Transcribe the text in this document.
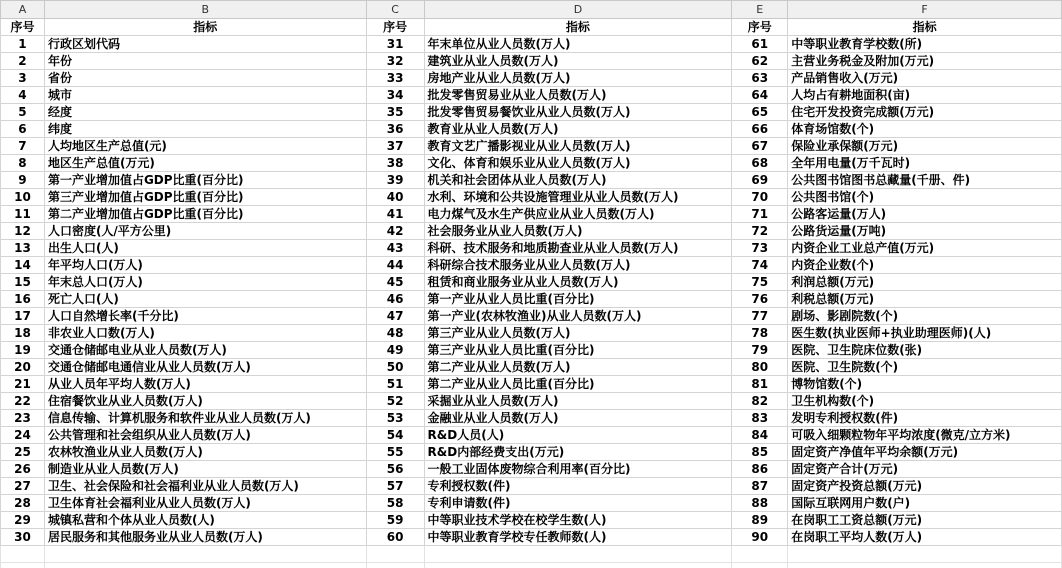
A	B	C	D	E	F
序号	指标	序号	指标	序号	指标
1	行政区划代码	31	年末单位从业人员数(万人)	61	中等职业教育学校数(所)
2	年份	32	建筑业从业人员数(万人)	62	主营业务税金及附加(万元)
3	省份	33	房地产业从业人员数(万人)	63	产品销售收入(万元)
4	城市	34	批发零售贸易业从业人员数(万人)	64	人均占有耕地面积(亩)
5	经度	35	批发零售贸易餐饮业从业人员数(万人)	65	住宅开发投资完成额(万元)
6	纬度	36	教育业从业人员数(万人)	66	体育场馆数(个)
7	人均地区生产总值(元)	37	教育文艺广播影视业从业人员数(万人)	67	保险业承保额(万元)
8	地区生产总值(万元)	38	文化、体育和娱乐业从业人员数(万人)	68	全年用电量(万千瓦时)
9	第一产业增加值占GDP比重(百分比)	39	机关和社会团体从业人员数(万人)	69	公共图书馆图书总藏量(千册、件)
10	第三产业增加值占GDP比重(百分比)	40	水利、环境和公共设施管理业从业人员数(万人)	70	公共图书馆(个)
11	第二产业增加值占GDP比重(百分比)	41	电力煤气及水生产供应业从业人员数(万人)	71	公路客运量(万人)
12	人口密度(人/平方公里)	42	社会服务业从业人员数(万人)	72	公路货运量(万吨)
13	出生人口(人)	43	科研、技术服务和地质勘查业从业人员数(万人)	73	内资企业工业总产值(万元)
14	年平均人口(万人)	44	科研综合技术服务业从业人员数(万人)	74	内资企业数(个)
15	年末总人口(万人)	45	租赁和商业服务业从业人员数(万人)	75	利润总额(万元)
16	死亡人口(人)	46	第一产业从业人员比重(百分比)	76	利税总额(万元)
17	人口自然增长率(千分比)	47	第一产业(农林牧渔业)从业人员数(万人)	77	剧场、影剧院数(个)
18	非农业人口数(万人)	48	第三产业从业人员数(万人)	78	医生数(执业医师+执业助理医师)(人)
19	交通仓储邮电业从业人员数(万人)	49	第三产业从业人员比重(百分比)	79	医院、卫生院床位数(张)
20	交通仓储邮电通信业从业人员数(万人)	50	第二产业从业人员数(万人)	80	医院、卫生院数(个)
21	从业人员年平均人数(万人)	51	第二产业从业人员比重(百分比)	81	博物馆数(个)
22	住宿餐饮业从业人员数(万人)	52	采掘业从业人员数(万人)	82	卫生机构数(个)
23	信息传输、计算机服务和软件业从业人员数(万人)	53	金融业从业人员数(万人)	83	发明专利授权数(件)
24	公共管理和社会组织从业人员数(万人)	54	R&D人员(人)	84	可吸入细颗粒物年平均浓度(微克/立方米)
25	农林牧渔业从业人员数(万人)	55	R&D内部经费支出(万元)	85	固定资产净值年平均余额(万元)
26	制造业从业人员数(万人)	56	一般工业固体废物综合利用率(百分比)	86	固定资产合计(万元)
27	卫生、社会保险和社会福利业从业人员数(万人)	57	专利授权数(件)	87	固定资产投资总额(万元)
28	卫生体育社会福利业从业人员数(万人)	58	专利申请数(件)	88	国际互联网用户数(户)
29	城镇私营和个体从业人员数(人)	59	中等职业技术学校在校学生数(人)	89	在岗职工工资总额(万元)
30	居民服务和其他服务业从业人员数(万人)	60	中等职业教育学校专任教师数(人)	90	在岗职工平均人数(万人)
